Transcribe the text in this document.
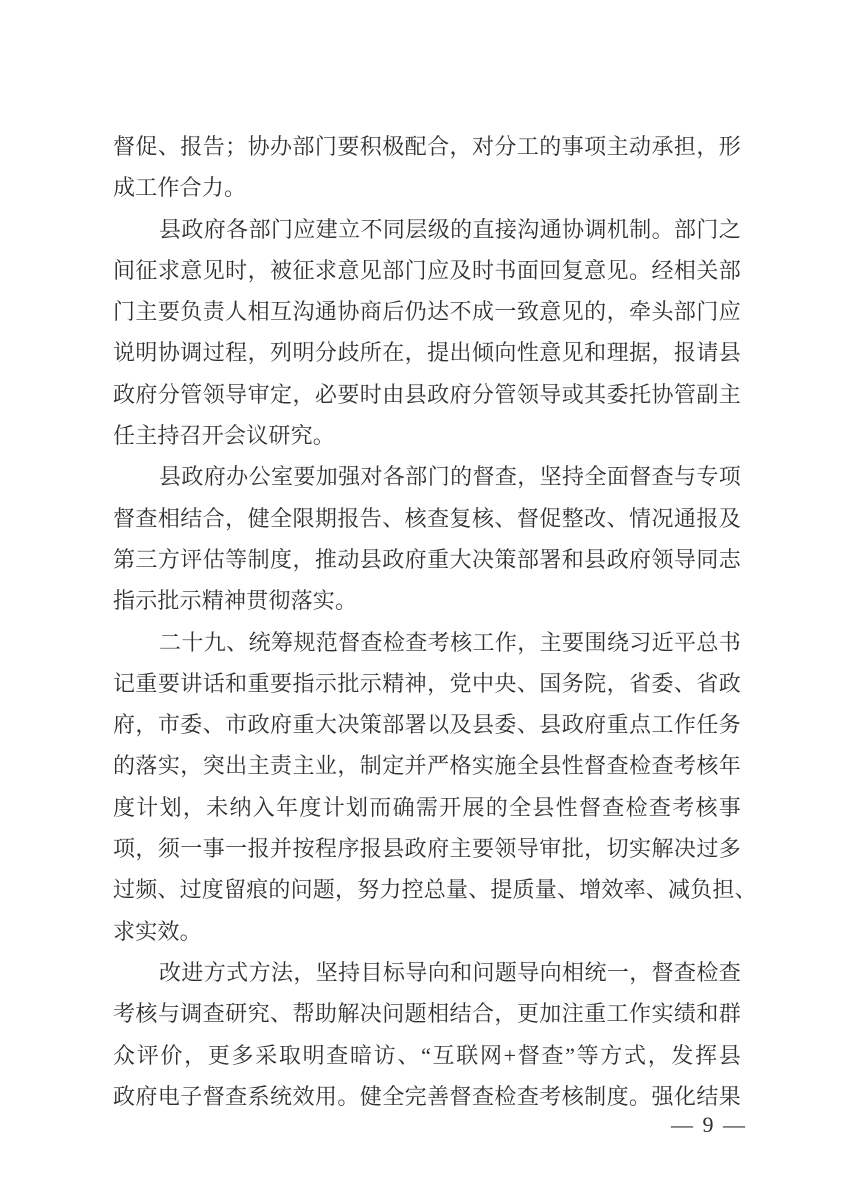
督促、报告；协办部门要积极配合，对分工的事项主动承担，形
成工作合力。
县政府各部门应建立不同层级的直接沟通协调机制。部门之
间征求意见时，被征求意见部门应及时书面回复意见。经相关部
门主要负责人相互沟通协商后仍达不成一致意见的，牵头部门应
说明协调过程，列明分歧所在，提出倾向性意见和理据，报请县
政府分管领导审定，必要时由县政府分管领导或其委托协管副主
任主持召开会议研究。
县政府办公室要加强对各部门的督查，坚持全面督查与专项
督查相结合，健全限期报告、核查复核、督促整改、情况通报及
第三方评估等制度，推动县政府重大决策部署和县政府领导同志
指示批示精神贯彻落实。
二十九、统筹规范督查检查考核工作，主要围绕习近平总书
记重要讲话和重要指示批示精神，党中央、国务院，省委、省政
府，市委、市政府重大决策部署以及县委、县政府重点工作任务
的落实，突出主责主业，制定并严格实施全县性督查检查考核年
度计划，未纳入年度计划而确需开展的全县性督查检查考核事
项，须一事一报并按程序报县政府主要领导审批，切实解决过多
过频、过度留痕的问题，努力控总量、提质量、增效率、减负担、
求实效。
改进方式方法，坚持目标导向和问题导向相统一，督查检查
考核与调查研究、帮助解决问题相结合，更加注重工作实绩和群
众评价，更多采取明查暗访、“互联网+督查”等方式，发挥县
政府电子督查系统效用。健全完善督查检查考核制度。强化结果
— 9 —
